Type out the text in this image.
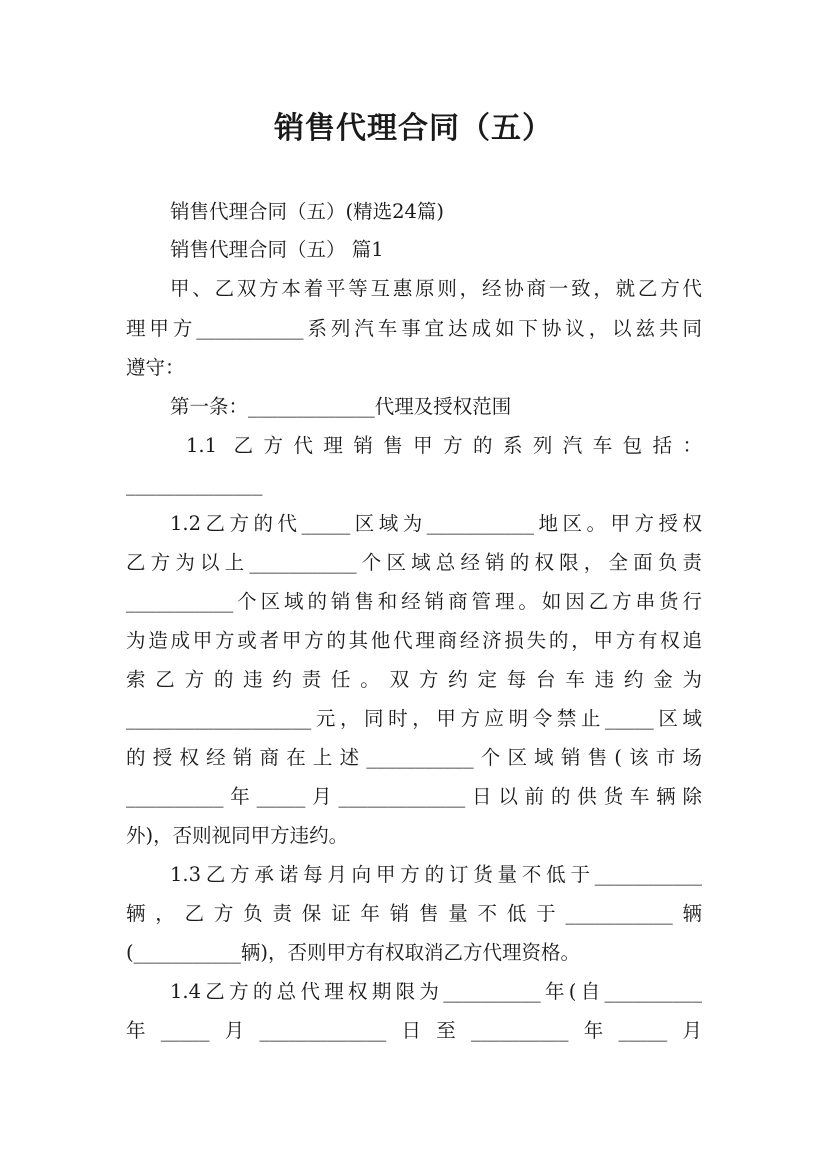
销售代理合同（五）
销售代理合同（五）(精选24篇)
销售代理合同（五） 篇1
甲、乙双方本着平等互惠原则，经协商一致，就乙方代
理甲方___________系列汽车事宜达成如下协议，以兹共同
遵守：
第一条：_____________代理及授权范围
1.1 乙方代理销售甲方的系列汽车包括：
______________
1.2乙方的代_____区域为___________地区。甲方授权
乙方为以上___________个区域总经销的权限，全面负责
___________个区域的销售和经销商管理。如因乙方串货行
为造成甲方或者甲方的其他代理商经济损失的，甲方有权追
索乙方的违约责任。双方约定每台车违约金为
___________________元，同时，甲方应明令禁止_____区域
的授权经销商在上述___________个区域销售(该市场
__________年_____月_____________日以前的供货车辆除
外)，否则视同甲方违约。
1.3乙方承诺每月向甲方的订货量不低于___________
辆，乙方负责保证年销售量不低于___________辆
(___________辆)，否则甲方有权取消乙方代理资格。
1.4乙方的总代理权期限为__________年(自__________
年_____月_____________日至__________年_____月
